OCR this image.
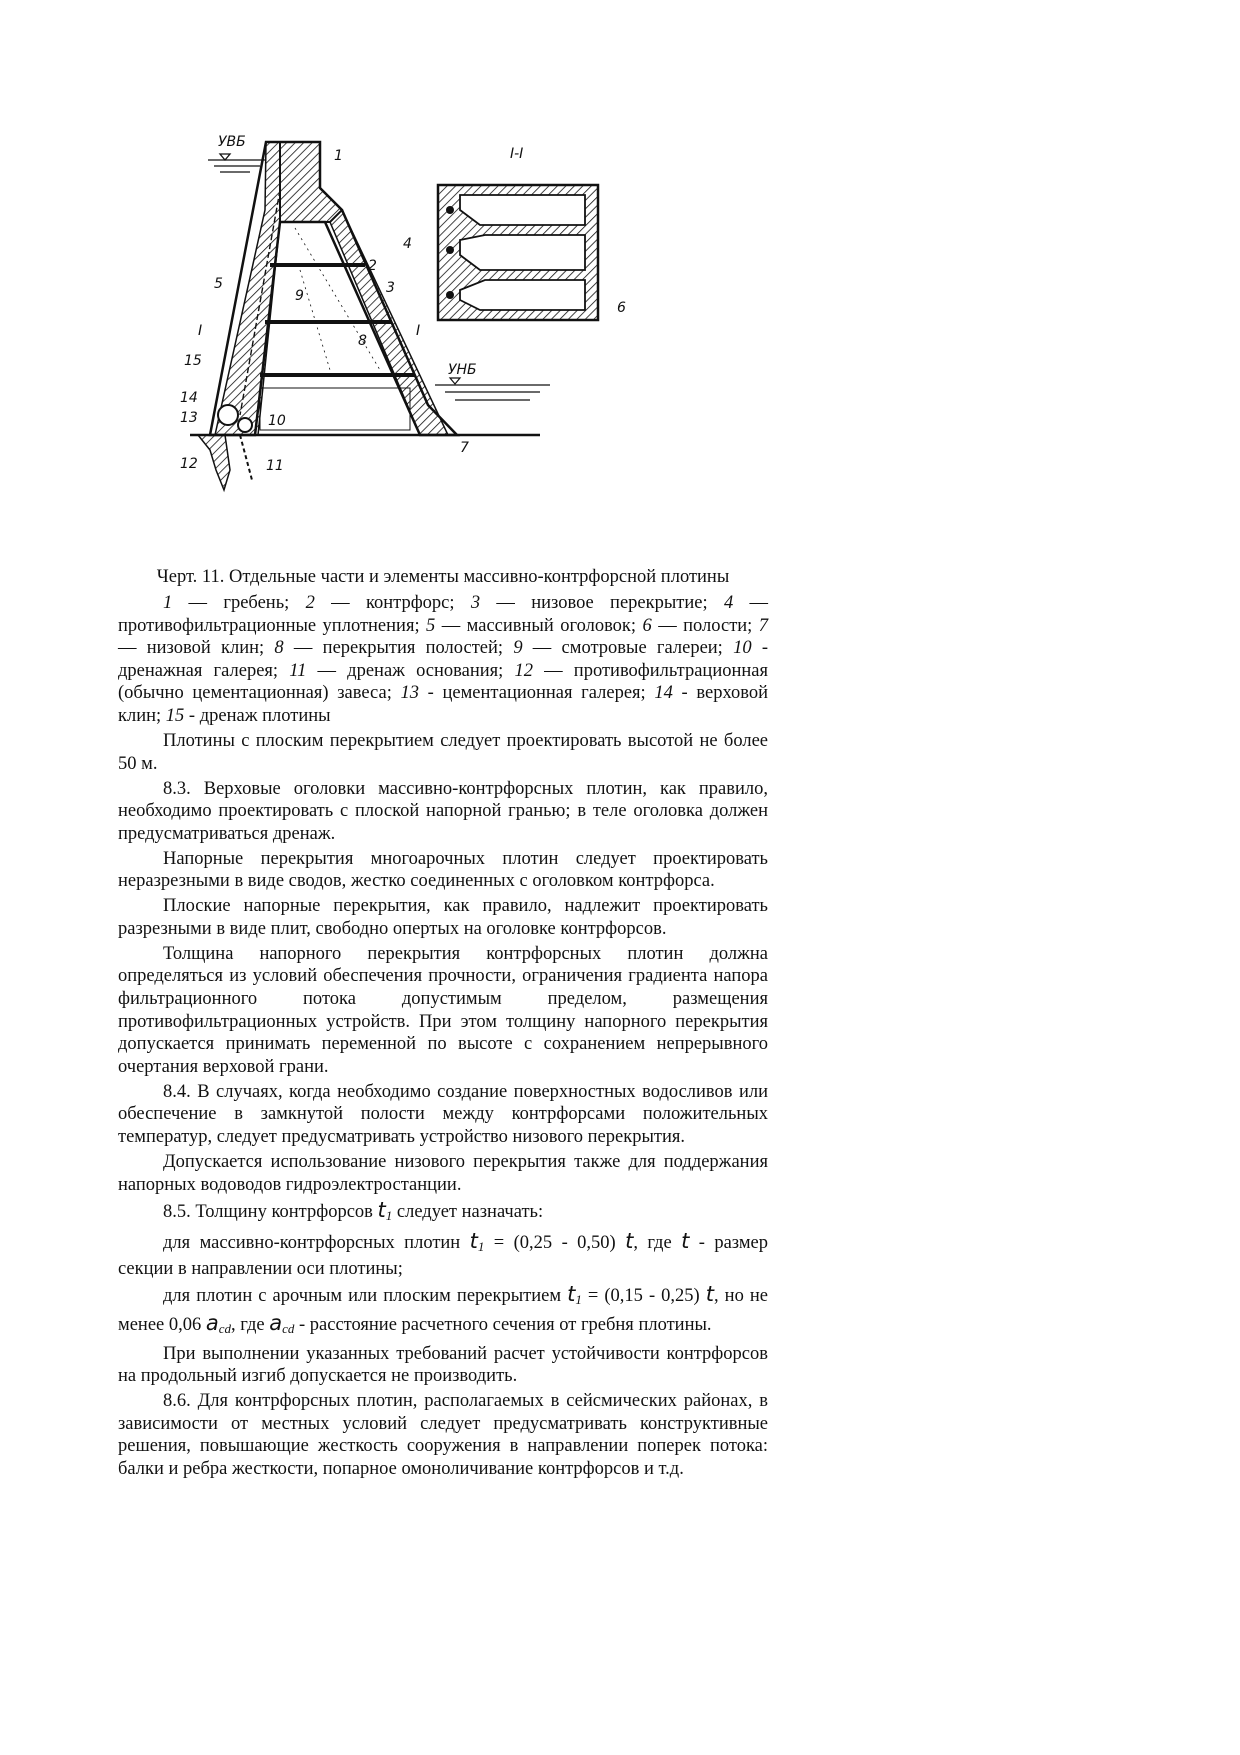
УВБ
УНБ
I	I
1
2
3
4
5
6
7
8
9
10
11
12
13
14
15
I-I
Черт. 11. Отдельные части и элементы массивно-контрфорсной плотины

1 — гребень; 2 — контрфорс; 3 — низовое перекрытие; 4 — противофильтрационные уплотнения; 5 — массивный оголовок; 6 — полости; 7 — низовой клин; 8 — перекрытия полостей; 9 — смотровые галереи; 10 - дренажная галерея; 11 — дренаж основания; 12 — противофильтрационная (обычно цементационная) завеса; 13 - цементационная галерея; 14 - верховой клин; 15 - дренаж плотины

Плотины с плоским перекрытием следует проектировать высотой не более 50 м.

8.3. Верховые оголовки массивно-контрфорсных плотин, как правило, необходимо проектировать с плоской напорной гранью; в теле оголовка должен предусматриваться дренаж.

Напорные перекрытия многоарочных плотин следует проектировать неразрезными в виде сводов, жестко соединенных с оголовком контрфорса.

Плоские напорные перекрытия, как правило, надлежит проектировать разрезными в виде плит, свободно опертых на оголовке контрфорсов.

Толщина напорного перекрытия контрфорсных плотин должна определяться из условий обеспечения прочности, ограничения градиента напора фильтрационного потока допустимым пределом, размещения противофильтрационных устройств. При этом толщину напорного перекрытия допускается принимать переменной по высоте с сохранением непрерывного очертания верховой грани.

8.4. В случаях, когда необходимо создание поверхностных водосливов или обеспечение в замкнутой полости между контрфорсами положительных температур, следует предусматривать устройство низового перекрытия.

Допускается использование низового перекрытия также для поддержания напорных водоводов гидроэлектростанции.

8.5. Толщину контрфорсов $t_1$ следует назначать:

для массивно-контрфорсных плотин $t_1 = (0,25 - 0,50)$ t, где t - размер секции в направлении оси плотины;

для плотин с арочным или плоским перекрытием $t_1 = (0,15 - 0,25)$ t, но не менее 0,06 $a_{cd}$, где $a_{cd}$ - расстояние расчетного сечения от гребня плотины.

При выполнении указанных требований расчет устойчивости контрфорсов на продольный изгиб допускается не производить.

8.6. Для контрфорсных плотин, располагаемых в сейсмических районах, в зависимости от местных условий следует предусматривать конструктивные решения, повышающие жесткость сооружения в направлении поперек потока: балки и ребра жесткости, попарное омоноличивание контрфорсов и т.д.
